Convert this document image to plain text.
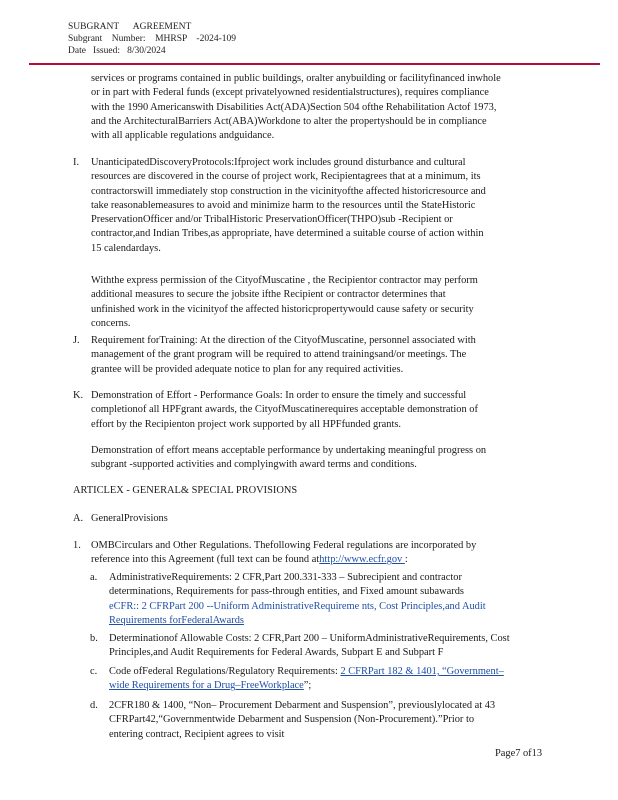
SUBGRANT      AGREEMENT
Subgrant    Number:    MHRSP    -2024-109
Date   Issued:   8/30/2024
services or programs contained in public buildings, oralter anybuilding or facilityfinanced inwhole
or in part with Federal funds (except privatelyowned residentialstructures), requires compliance
with the 1990 Americanswith Disabilities Act(ADA)Section 504 ofthe Rehabilitation Actof 1973,
and the ArchitecturalBarriers Act(ABA)Workdone to alter the propertyshould be in compliance
with all applicable regulations andguidance.
I. UnanticipatedDiscoveryProtocols:Ifproject work includes ground disturbance and cultural
resources are discovered in the course of project work, Recipientagrees that at a minimum, its
contractorswill immediately stop construction in the vicinityofthe affected historicresource and
take reasonablemeasures to avoid and minimize harm to the resources until the StateHistoric
PreservationOfficer and/or TribalHistoric PreservationOfficer(THPO)sub -Recipient or
contractor,and Indian Tribes,as appropriate, have determined a suitable course of action within
15 calendardays.
Withthe express permission of the CityofMuscatine , the Recipientor contractor may perform
additional measures to secure the jobsite ifthe Recipient or contractor determines that
unfinished work in the vicinityof the affected historicpropertywould cause safety or security
concerns.
J. Requirement forTraining: At the direction of the CityofMuscatine, personnel associated with
management of the grant program will be required to attend trainingsand/or meetings. The
grantee will be provided adequate notice to plan for any required activities.
K. Demonstration of Effort - Performance Goals: In order to ensure the timely and successful
completionof all HPFgrant awards, the CityofMuscatinerequires acceptable demonstration of
effort by the Recipienton project work supported by all HPFfunded grants.
Demonstration of effort means acceptable performance by undertaking meaningful progress on
subgrant -supported activities and complyingwith award terms and conditions.
ARTICLEX - GENERAL& SPECIAL PROVISIONS
A. GeneralProvisions
1. OMBCirculars and Other Regulations. Thefollowing Federal regulations are incorporated by
reference into this Agreement (full text can be found athttp://www.ecfr.gov :
a. AdministrativeRequirements: 2 CFR,Part 200.331-333 – Subrecipient and contractor
determinations, Requirements for pass-through entities, and Fixed amount subawards
eCFR:: 2 CFRPart 200 --Uniform AdministrativeRequireme nts, Cost Principles,and Audit
Requirements forFederalAwards
b. Determinationof Allowable Costs: 2 CFR,Part 200 – UniformAdministrativeRequirements, Cost
Principles,and Audit Requirements for Federal Awards, Subpart E and Subpart F
c. Code ofFederal Regulations/Regulatory Requirements: 2 CFRPart 182 & 1401, “Government–
wide Requirements for a Drug–FreeWorkplace”;
d. 2CFR180 & 1400, “Non– Procurement Debarment and Suspension”, previouslylocated at 43
CFRPart42,“Governmentwide Debarment and Suspension (Non-Procurement).”Prior to
entering contract, Recipient agrees to visit
Page7 of13
